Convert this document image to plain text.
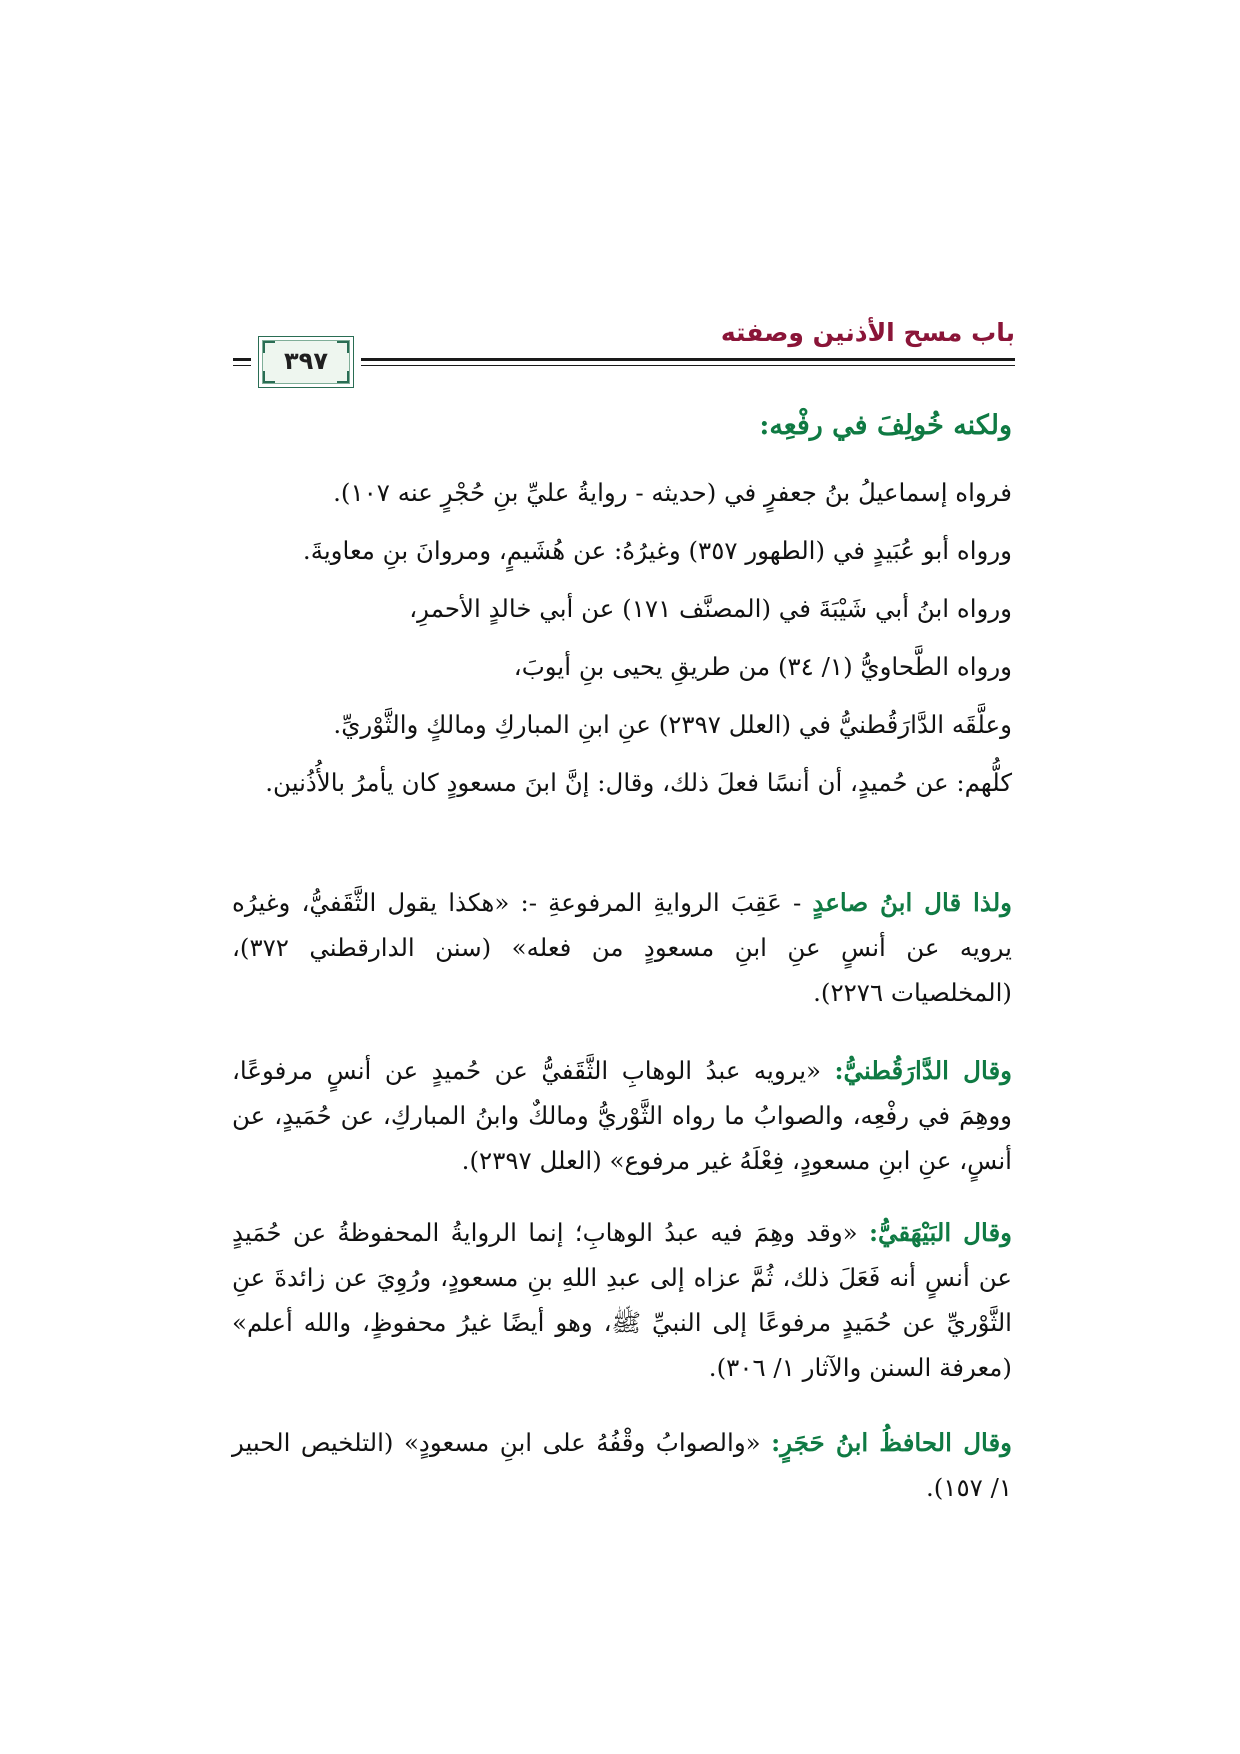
باب مسح الأذنين وصفته
٣٩٧
ولكنه خُولِفَ في رفْعِه:

فرواه إسماعيلُ بنُ جعفرٍ في (حديثه - روايةُ عليِّ بنِ حُجْرٍ عنه ١٠٧).

ورواه أبو عُبَيدٍ في (الطهور ٣٥٧) وغيرُهُ: عن هُشَيمٍ، ومروانَ بنِ معاويةَ.

ورواه ابنُ أبي شَيْبَةَ في (المصنَّف ١٧١) عن أبي خالدٍ الأحمرِ،

ورواه الطَّحاويُّ (١/ ٣٤) من طريقِ يحيى بنِ أيوبَ،

وعلَّقَه الدَّارَقُطنيُّ في (العلل ٢٣٩٧) عنِ ابنِ المباركِ ومالكٍ والثَّوْريِّ.

كلُّهم: عن حُميدٍ، أن أنسًا فعلَ ذلك، وقال: إنَّ ابنَ مسعودٍ كان يأمرُ بالأُذُنين.

ولذا قال ابنُ صاعدٍ - عَقِبَ الروايةِ المرفوعةِ -: «هكذا يقول الثَّقَفيُّ، وغيرُه يرويه عن أنسٍ عنِ ابنِ مسعودٍ من فعله» (سنن الدارقطني ٣٧٢)، (المخلصيات ٢٢٧٦).

وقال الدَّارَقُطنيُّ: «يرويه عبدُ الوهابِ الثَّقَفيُّ عن حُميدٍ عن أنسٍ مرفوعًا، ووهِمَ في رفْعِه، والصوابُ ما رواه الثَّوْريُّ ومالكٌ وابنُ المباركِ، عن حُمَيدٍ، عن أنسٍ، عنِ ابنِ مسعودٍ، فِعْلَهُ غير مرفوع» (العلل ٢٣٩٧).

وقال البَيْهَقيُّ: «وقد وهِمَ فيه عبدُ الوهابِ؛ إنما الروايةُ المحفوظةُ عن حُمَيدٍ عن أنسٍ أنه فَعَلَ ذلك، ثُمَّ عزاه إلى عبدِ اللهِ بنِ مسعودٍ، ورُوِيَ عن زائدةَ عنِ الثَّوْريِّ عن حُمَيدٍ مرفوعًا إلى النبيِّ ﷺ، وهو أيضًا غيرُ محفوظٍ، والله أعلم» (معرفة السنن والآثار ١/ ٣٠٦).

وقال الحافظُ ابنُ حَجَرٍ: «والصوابُ وقْفُهُ على ابنِ مسعودٍ» (التلخيص الحبير ١/ ١٥٧).
